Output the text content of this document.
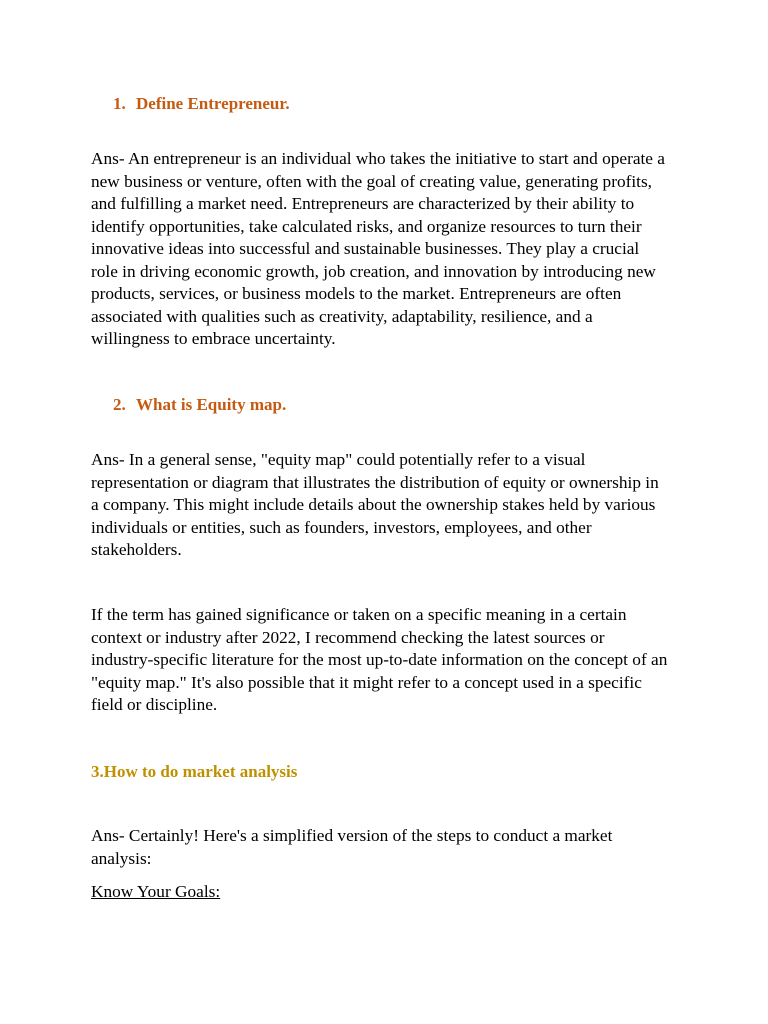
1. Define Entrepreneur.

Ans- An entrepreneur is an individual who takes the initiative to start and operate a
new business or venture, often with the goal of creating value, generating profits,
and fulfilling a market need. Entrepreneurs are characterized by their ability to
identify opportunities, take calculated risks, and organize resources to turn their
innovative ideas into successful and sustainable businesses. They play a crucial
role in driving economic growth, job creation, and innovation by introducing new
products, services, or business models to the market. Entrepreneurs are often
associated with qualities such as creativity, adaptability, resilience, and a
willingness to embrace uncertainty.

2. What is Equity map.

Ans- In a general sense, "equity map" could potentially refer to a visual
representation or diagram that illustrates the distribution of equity or ownership in
a company. This might include details about the ownership stakes held by various
individuals or entities, such as founders, investors, employees, and other
stakeholders.

If the term has gained significance or taken on a specific meaning in a certain
context or industry after 2022, I recommend checking the latest sources or
industry-specific literature for the most up-to-date information on the concept of an
"equity map." It's also possible that it might refer to a concept used in a specific
field or discipline.

3.How to do market analysis

Ans- Certainly! Here's a simplified version of the steps to conduct a market
analysis:

Know Your Goals:
